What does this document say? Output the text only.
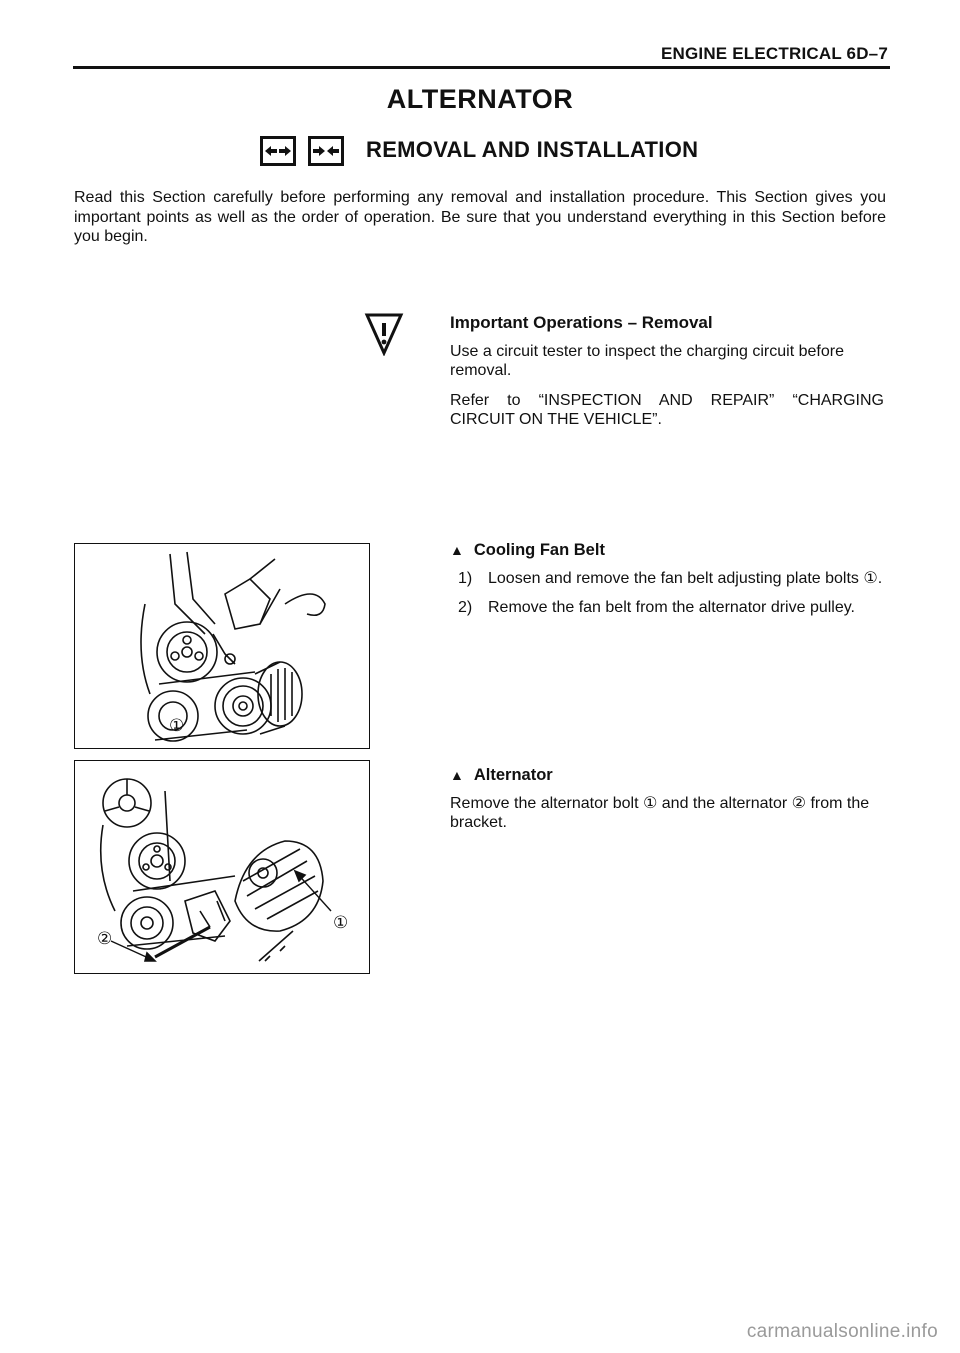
ENGINE ELECTRICAL 6D–7
ALTERNATOR
REMOVAL AND INSTALLATION
Read this Section carefully before performing any removal and installation procedure. This Section gives you important points as well as the order of operation. Be sure that you understand everything in this Section before you begin.
Important Operations – Removal

Use a circuit tester to inspect the charging circuit before removal.

Refer to “INSPECTION AND REPAIR” “CHARGING
CIRCUIT ON THE VEHICLE”.
①
①
②
▲ Cooling Fan Belt
1) Loosen and remove the fan belt adjusting plate bolts ①.
2) Remove the fan belt from the alternator drive pulley.
▲ Alternator
Remove the alternator bolt ① and the alternator ② from the bracket.
carmanualsonline.info
